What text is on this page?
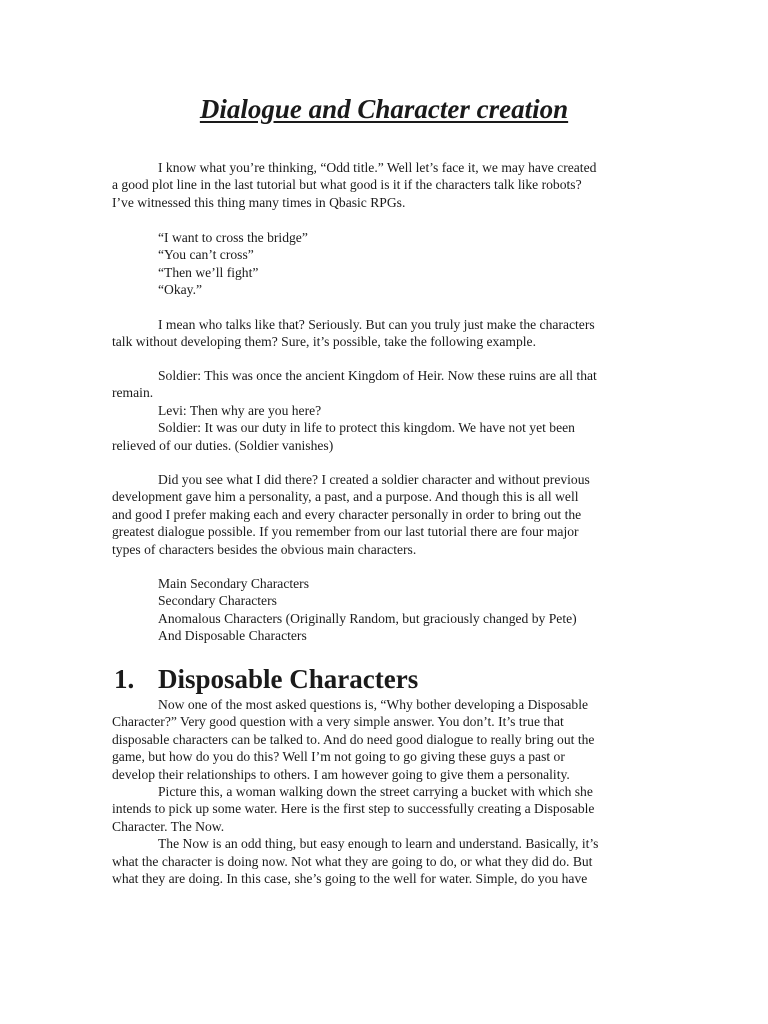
Dialogue and Character creation
I know what you’re thinking, “Odd title.” Well let’s face it, we may have created
a good plot line in the last tutorial but what good is it if the characters talk like robots?
I’ve witnessed this thing many times in Qbasic RPGs.
“I want to cross the bridge”
“You can’t cross”
“Then we’ll fight”
“Okay.”
I mean who talks like that? Seriously. But can you truly just make the characters
talk without developing them? Sure, it’s possible, take the following example.
Soldier: This was once the ancient Kingdom of Heir. Now these ruins are all that
remain.
Levi: Then why are you here?
Soldier: It was our duty in life to protect this kingdom. We have not yet been
relieved of our duties. (Soldier vanishes)
Did you see what I did there? I created a soldier character and without previous
development gave him a personality, a past, and a purpose. And though this is all well
and good I prefer making each and every character personally in order to bring out the
greatest dialogue possible. If you remember from our last tutorial there are four major
types of characters besides the obvious main characters.
Main Secondary Characters
Secondary Characters
Anomalous Characters (Originally Random, but graciously changed by Pete)
And Disposable Characters
1. Disposable Characters
Now one of the most asked questions is, “Why bother developing a Disposable
Character?” Very good question with a very simple answer. You don’t. It’s true that
disposable characters can be talked to. And do need good dialogue to really bring out the
game, but how do you do this? Well I’m not going to go giving these guys a past or
develop their relationships to others. I am however going to give them a personality.
Picture this, a woman walking down the street carrying a bucket with which she
intends to pick up some water. Here is the first step to successfully creating a Disposable
Character. The Now.
The Now is an odd thing, but easy enough to learn and understand. Basically, it’s
what the character is doing now. Not what they are going to do, or what they did do. But
what they are doing. In this case, she’s going to the well for water. Simple, do you have
